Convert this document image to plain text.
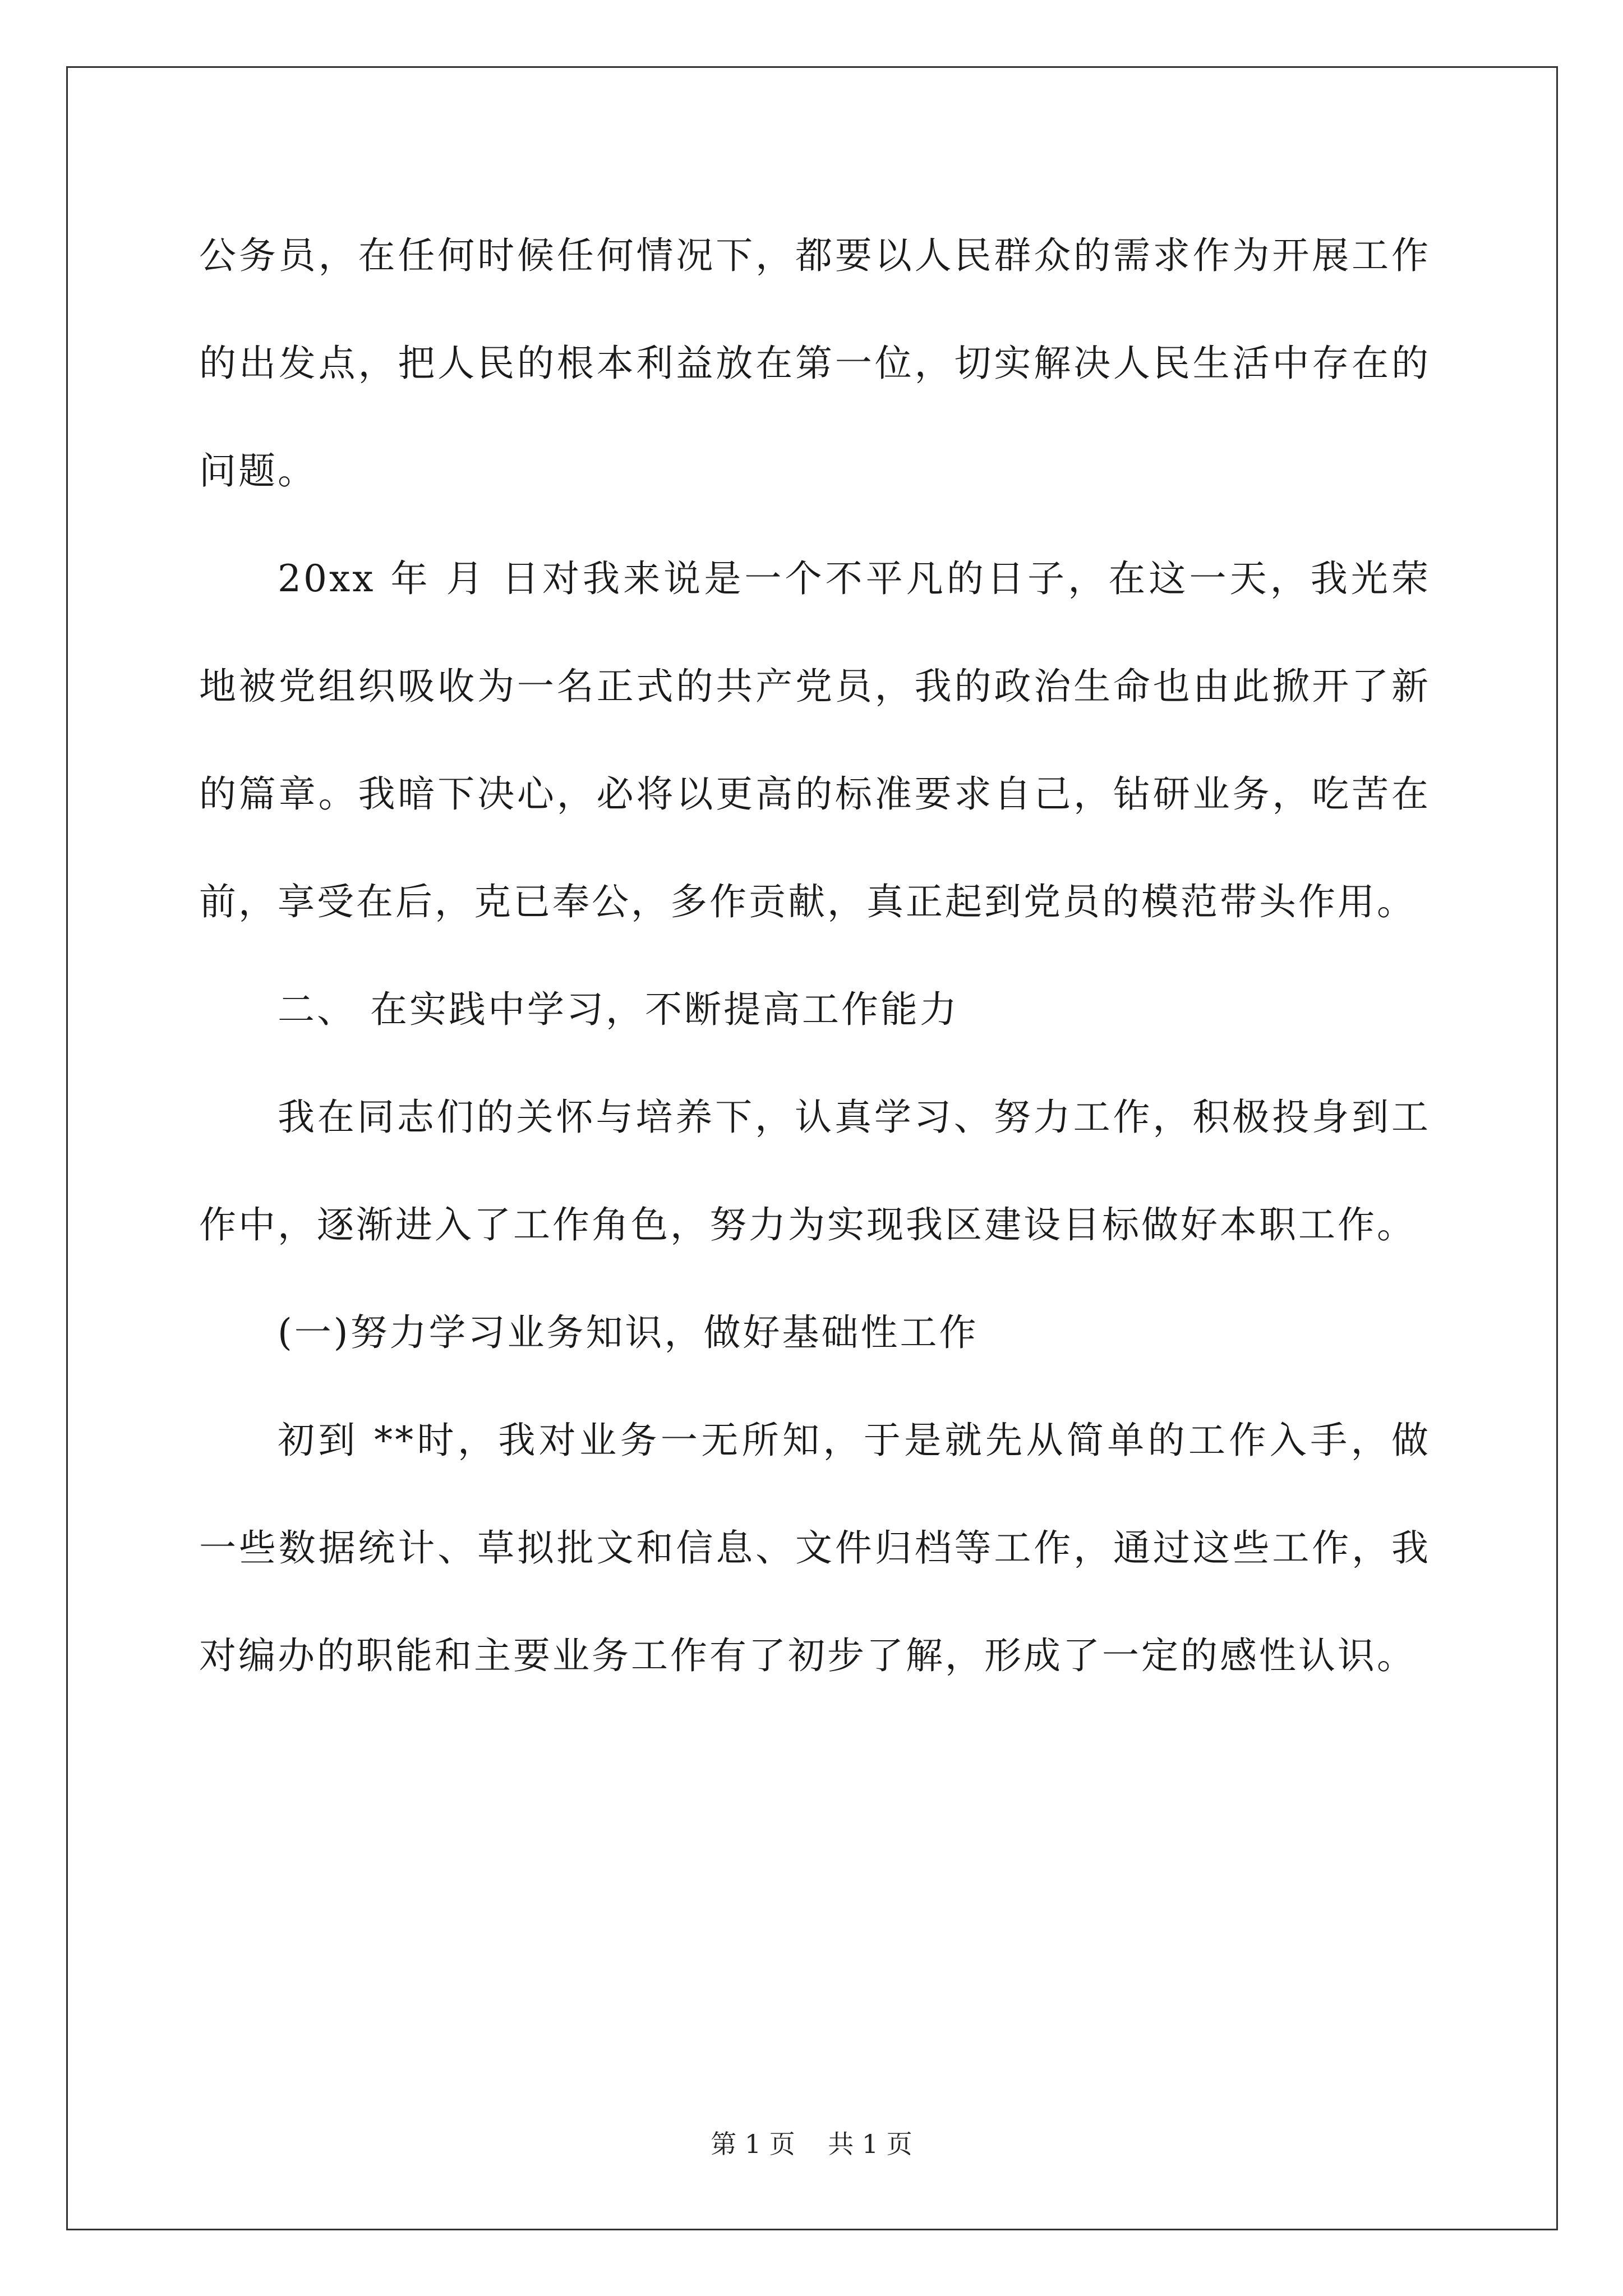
公务员，在任何时候任何情况下，都要以人民群众的需求作为开展工作的出发点，把人民的根本利益放在第一位，切实解决人民生活中存在的问题。

20xx 年 月 日对我来说是一个不平凡的日子，在这一天，我光荣地被党组织吸收为一名正式的共产党员，我的政治生命也由此掀开了新的篇章。我暗下决心，必将以更高的标准要求自己，钻研业务，吃苦在前，享受在后，克已奉公，多作贡献，真正起到党员的模范带头作用。

二、 在实践中学习，不断提高工作能力

我在同志们的关怀与培养下，认真学习、努力工作，积极投身到工作中，逐渐进入了工作角色，努力为实现我区建设目标做好本职工作。

(一)努力学习业务知识，做好基础性工作

初到 **时，我对业务一无所知，于是就先从简单的工作入手，做一些数据统计、草拟批文和信息、文件归档等工作，通过这些工作，我对编办的职能和主要业务工作有了初步了解，形成了一定的感性认识。

第 1 页    共 1 页
